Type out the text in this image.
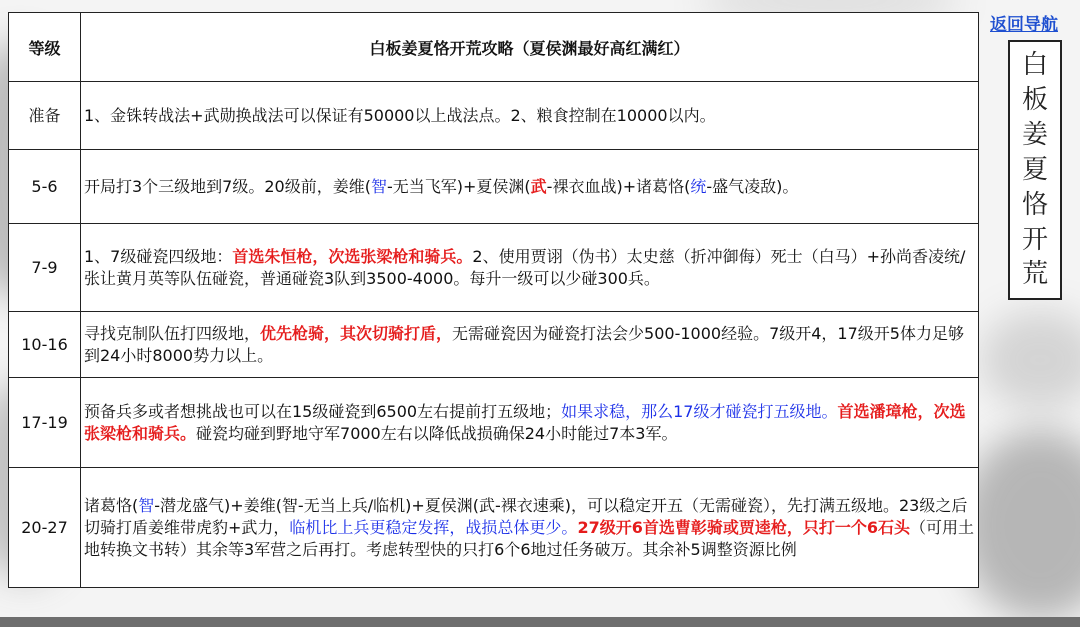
等级	白板姜夏恪开荒攻略（夏侯渊最好高红满红）
准备	1、金铢转战法+武勋换战法可以保证有50000以上战法点。2、粮食控制在10000以内。
5-6	开局打3个三级地到7级。20级前，姜维(智-无当飞军)+夏侯渊(武-裸衣血战)+诸葛恪(统-盛气凌敌)。
7-9	1、7级碰瓷四级地：首选朱恒枪，次选张梁枪和骑兵。2、使用贾诩（伪书）太史慈（折冲御侮）死士（白马）+孙尚香凌统/张让黄月英等队伍碰瓷，普通碰瓷3队到3500-4000。每升一级可以少碰300兵。
10-16	寻找克制队伍打四级地，优先枪骑，其次切骑打盾，无需碰瓷因为碰瓷打法会少500-1000经验。7级开4，17级开5体力足够到24小时8000势力以上。
17-19	预备兵多或者想挑战也可以在15级碰瓷到6500左右提前打五级地；如果求稳，那么17级才碰瓷打五级地。首选潘璋枪，次选张梁枪和骑兵。碰瓷均碰到野地守军7000左右以降低战损确保24小时能过7本3军。
20-27	诸葛恪(智-潜龙盛气)+姜维(智-无当上兵/临机)+夏侯渊(武-裸衣速乘)，可以稳定开五（无需碰瓷），先打满五级地。23级之后切骑打盾姜维带虎豹+武力，临机比上兵更稳定发挥，战损总体更少。27级开6首选曹彰骑或贾逵枪，只打一个6石头（可用土地转换文书转）其余等3军营之后再打。考虑转型快的只打6个6地过任务破万。其余补5调整资源比例
返回导航
白
板
姜
夏
恪
开
荒
